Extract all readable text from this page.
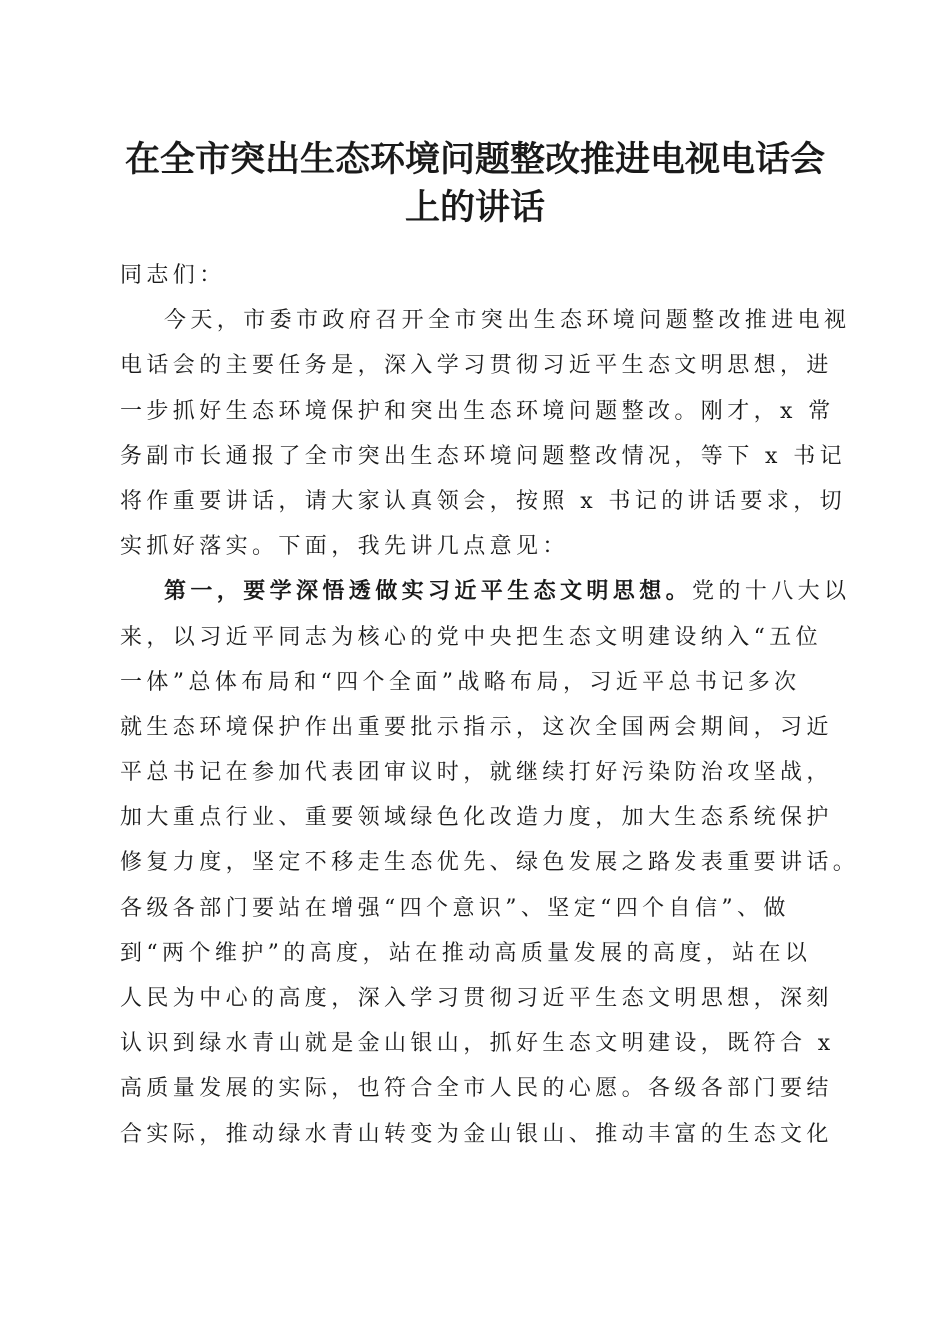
在全市突出生态环境问题整改推进电视电话会
上的讲话
同志们：
今天，市委市政府召开全市突出生态环境问题整改推进电视
电话会的主要任务是，深入学习贯彻习近平生态文明思想，进
一步抓好生态环境保护和突出生态环境问题整改。刚才，x 常
务副市长通报了全市突出生态环境问题整改情况，等下 x 书记
将作重要讲话，请大家认真领会，按照 x 书记的讲话要求，切
实抓好落实。下面，我先讲几点意见：
第一，要学深悟透做实习近平生态文明思想。党的十八大以
来，以习近平同志为核心的党中央把生态文明建设纳入“五位
一体”总体布局和“四个全面”战略布局，习近平总书记多次
就生态环境保护作出重要批示指示，这次全国两会期间，习近
平总书记在参加代表团审议时，就继续打好污染防治攻坚战，
加大重点行业、重要领域绿色化改造力度，加大生态系统保护
修复力度，坚定不移走生态优先、绿色发展之路发表重要讲话。
各级各部门要站在增强“四个意识”、坚定“四个自信”、做
到“两个维护”的高度，站在推动高质量发展的高度，站在以
人民为中心的高度，深入学习贯彻习近平生态文明思想，深刻
认识到绿水青山就是金山银山，抓好生态文明建设，既符合 x
高质量发展的实际，也符合全市人民的心愿。各级各部门要结
合实际，推动绿水青山转变为金山银山、推动丰富的生态文化
